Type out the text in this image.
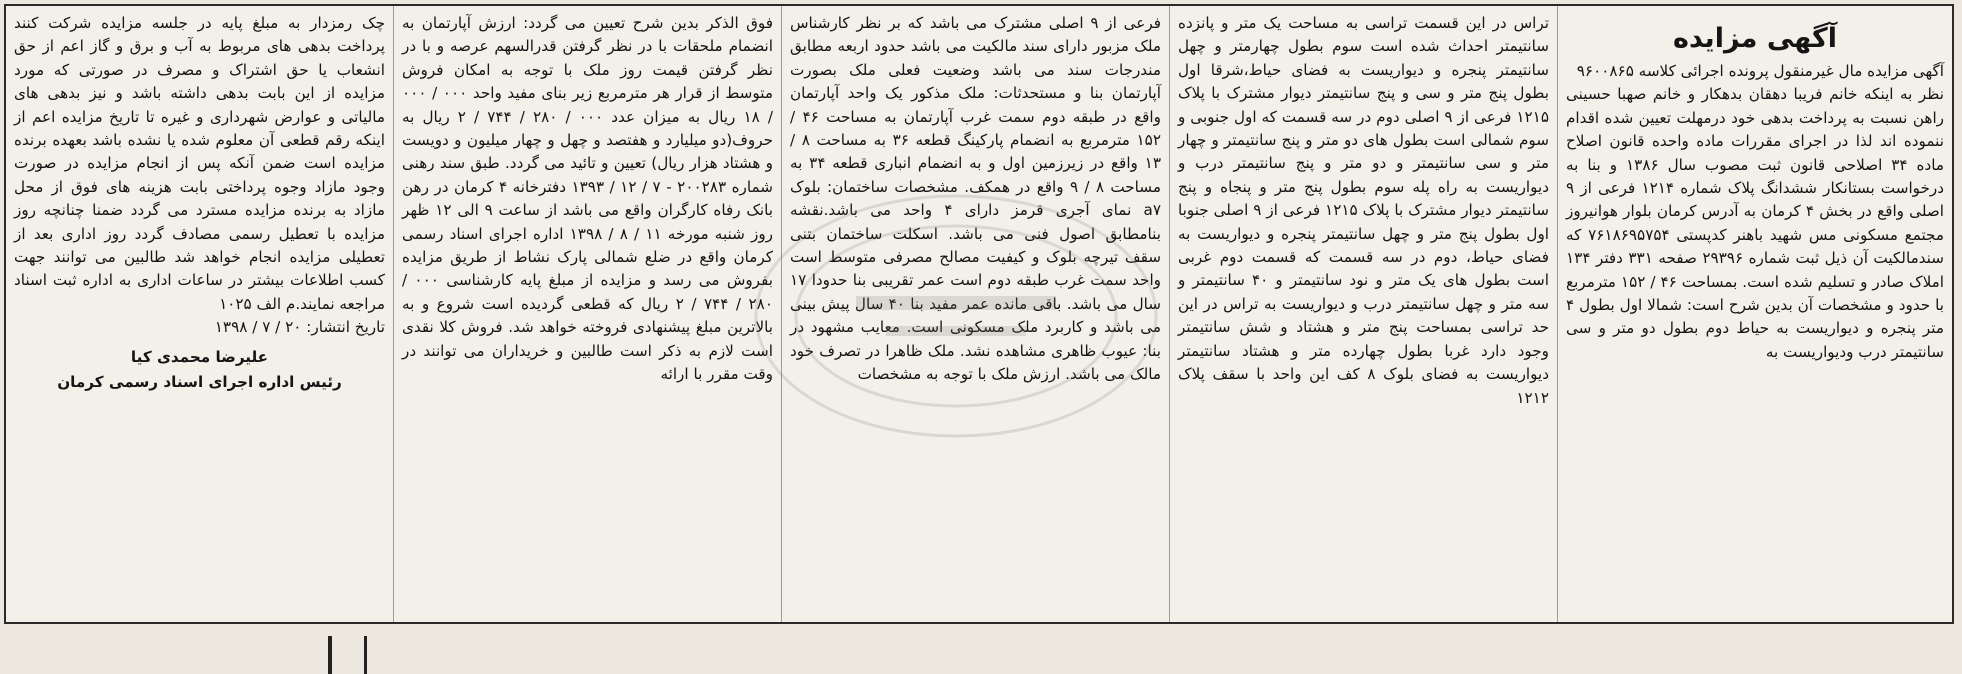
آگهی مزایده
آگهی مزایده مال غیرمنقول پرونده اجرائی کلاسه ۹۶۰۰۸۶۵
نظر به اینکه خانم فریبا دهقان بدهکار و خانم صهبا حسینی راهن نسبت به پرداخت بدهی خود درمهلت تعیین شده اقدام ننموده اند لذا در اجرای مقررات ماده واحده قانون اصلاح ماده ۳۴ اصلاحی قانون ثبت مصوب سال ۱۳۸۶ و بنا به درخواست بستانکار ششدانگ پلاک شماره ۱۲۱۴ فرعی از ۹ اصلی واقع در بخش ۴ کرمان به آدرس کرمان بلوار هوانیروز مجتمع مسکونی مس شهید باهنر کدپستی ۷۶۱۸۶۹۵۷۵۴ که سندمالکیت آن ذیل ثبت شماره ۲۹۳۹۶ صفحه ۳۳۱ دفتر ۱۳۴ املاک صادر و تسلیم شده است. بمساحت ۴۶ / ۱۵۲ مترمربع با حدود و مشخصات آن بدین شرح است: شمالا اول بطول ۴ متر پنجره و دیواریست به حیاط دوم بطول دو متر و سی سانتیمتر درب ودیواریست به
تراس در این قسمت تراسی به مساحت یک متر و پانزده سانتیمتر احداث شده است سوم بطول چهارمتر و چهل سانتیمتر پنجره و دیواریست به فضای حیاط،شرقا اول بطول پنج متر و سی و پنج سانتیمتر دیوار مشترک با پلاک ۱۲۱۵ فرعی از ۹ اصلی دوم در سه قسمت که اول جنوبی و سوم شمالی است بطول های دو متر و پنج سانتیمتر و چهار متر و سی سانتیمتر و دو متر و پنج سانتیمتر درب و دیواریست به راه پله سوم بطول پنج متر و پنجاه و پنج سانتیمتر دیوار مشترک با پلاک ۱۲۱۵ فرعی از ۹ اصلی جنوبا اول بطول پنج متر و چهل سانتیمتر پنجره و دیواریست به فضای حیاط، دوم در سه قسمت که قسمت دوم غربی است بطول های یک متر و نود سانتیمتر و ۴۰ سانتیمتر و سه متر و چهل سانتیمتر درب و دیواریست به تراس در این حد تراسی بمساحت پنج متر و هشتاد و شش سانتیمتر وجود دارد غربا بطول چهارده متر و هشتاد سانتیمتر دیواریست به فضای بلوک ۸ کف این واحد با سقف پلاک ۱۲۱۲
فرعی از ۹ اصلی مشترک می باشد که بر نظر کارشناس ملک مزبور دارای سند مالکیت می باشد حدود اربعه مطابق مندرجات سند می باشد وضعیت فعلی ملک بصورت آپارتمان بنا و مستحدثات: ملک مذکور یک واحد آپارتمان واقع در طبقه دوم سمت غرب آپارتمان به مساحت ۴۶ / ۱۵۲ مترمربع به انضمام پارکینگ قطعه ۳۶ به مساحت ۸ / ۱۳ واقع در زیرزمین اول و به انضمام انباری قطعه ۳۴ به مساحت ۸ / ۹ واقع در همکف. مشخصات ساختمان: بلوک a۷ نمای آجری قرمز دارای ۴ واحد می باشد.نقشه بنامطابق اصول فنی می باشد. اسکلت ساختمان بتنی سقف تیرچه بلوک و کیفیت مصالح مصرفی متوسط است واحد سمت غرب طبقه دوم است عمر تقریبی بنا حدودا ۱۷ سال می باشد. باقی مانده عمر مفید بنا ۴۰ سال پیش بینی می باشد و کاربرد ملک مسکونی است. معایب مشهود در بنا: عیوب ظاهری مشاهده نشد. ملک ظاهرا در تصرف خود مالک می باشد. ارزش ملک با توجه به مشخصات
فوق الذکر بدین شرح تعیین می گردد: ارزش آپارتمان به انضمام ملحقات با در نظر گرفتن قدرالسهم عرصه و با در نظر گرفتن قیمت روز ملک با توجه به امکان فروش متوسط از قرار هر مترمربع زیر بنای مفید واحد ۰۰۰ / ۰۰۰ / ۱۸ ریال به میزان عدد ۰۰۰ / ۲۸۰ / ۷۴۴ / ۲ ریال به حروف(دو میلیارد و هفتصد و چهل و چهار میلیون و دویست و هشتاد هزار ریال) تعیین و تائید می گردد. طبق سند رهنی شماره ۲۰۰۲۸۳ - ۷ / ۱۲ / ۱۳۹۳ دفترخانه ۴ کرمان در رهن بانک رفاه کارگران واقع می باشد از ساعت ۹ الی ۱۲ ظهر روز شنبه مورخه ۱۱ / ۸ / ۱۳۹۸ اداره اجرای اسناد رسمی کرمان واقع در ضلع شمالی پارک نشاط از طریق مزایده بفروش می رسد و مزایده از مبلغ پایه کارشناسی ۰۰۰ / ۲۸۰ / ۷۴۴ / ۲ ریال که قطعی گردیده است شروع و به بالاترین مبلغ پیشنهادی فروخته خواهد شد. فروش کلا نقدی است لازم به ذکر است طالبین و خریداران می توانند در وقت مقرر با ارائه
چک رمزدار به مبلغ پایه در جلسه مزایده شرکت کنند پرداخت بدهی های مربوط به آب و برق و گاز اعم از حق انشعاب یا حق اشتراک و مصرف در صورتی که مورد مزایده از این بابت بدهی داشته باشد و نیز بدهی های مالیاتی و عوارض شهرداری و غیره تا تاریخ مزایده اعم از اینکه رقم قطعی آن معلوم شده یا نشده باشد بعهده برنده مزایده است ضمن آنکه پس از انجام مزایده در صورت وجود مازاد وجوه پرداختی بابت هزینه های فوق از محل مازاد به برنده مزایده مسترد می گردد ضمنا چنانچه روز مزایده با تعطیل رسمی مصادف گردد روز اداری بعد از تعطیلی مزایده انجام خواهد شد طالبین می توانند جهت کسب اطلاعات بیشتر در ساعات اداری به اداره ثبت اسناد مراجعه نمایند.م الف ۱۰۲۵
تاریخ انتشار: ۲۰ / ۷ / ۱۳۹۸
علیرضا محمدی کیا
رئیس اداره اجرای اسناد رسمی کرمان
